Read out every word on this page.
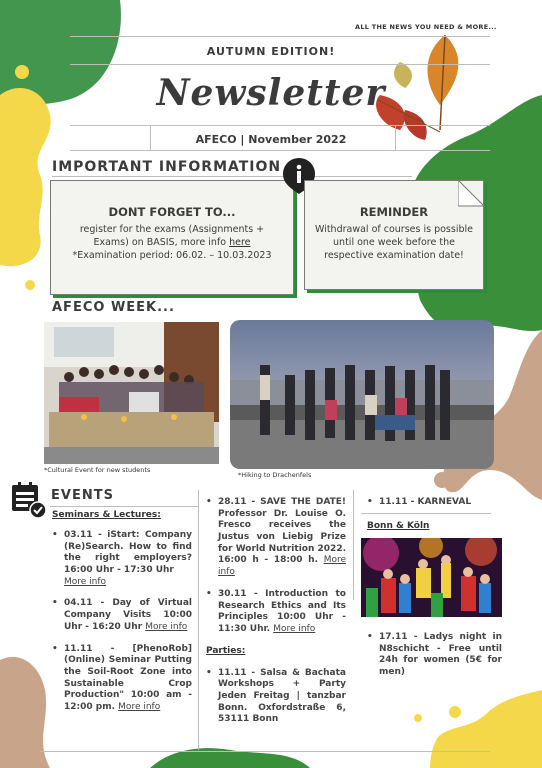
ALL THE NEWS YOU NEED & MORE...
AUTUMN EDITION!
Newsletter
AFECO | November 2022
IMPORTANT INFORMATION
DONT FORGET TO...

register for the exams (Assignments + Exams) on BASIS, more info here

*Examination period: 06.02. – 10.03.2023

REMINDER

Withdrawal of courses is possible until one week before the respective examination date!

AFECO WEEK...
*Cultural Event for new students
*Hiking to Drachenfels
EVENTS
Seminars & Lectures:
• 03.11 - iStart: Company (Re)Search. How to find the right employers? 16:00 Uhr - 17:30 Uhr
More info
• 04.11 - Day of Virtual Company Visits 10:00 Uhr - 16:20 Uhr More info
• 11.11 - [PhenoRob] (Online) Seminar Putting the Soil-Root Zone into Sustainable Crop Production" 10:00 am - 12:00 pm. More info
• 28.11 - SAVE THE DATE! Professor Dr. Louise O. Fresco receives the Justus von Liebig Prize for World Nutrition 2022. 16:00 h - 18:00 h. More info
• 30.11 - Introduction to Research Ethics and Its Principles 10:00 Uhr - 11:30 Uhr. More info
Parties:
• 11.11 - Salsa & Bachata Workshops + Party Jeden Freitag | tanzbar Bonn. Oxfordstraße 6, 53111 Bonn
• 11.11 - KARNEVAL
Bonn & Köln
• 17.11 - Ladys night in N8schicht - Free until 24h for women (5€ for men)
